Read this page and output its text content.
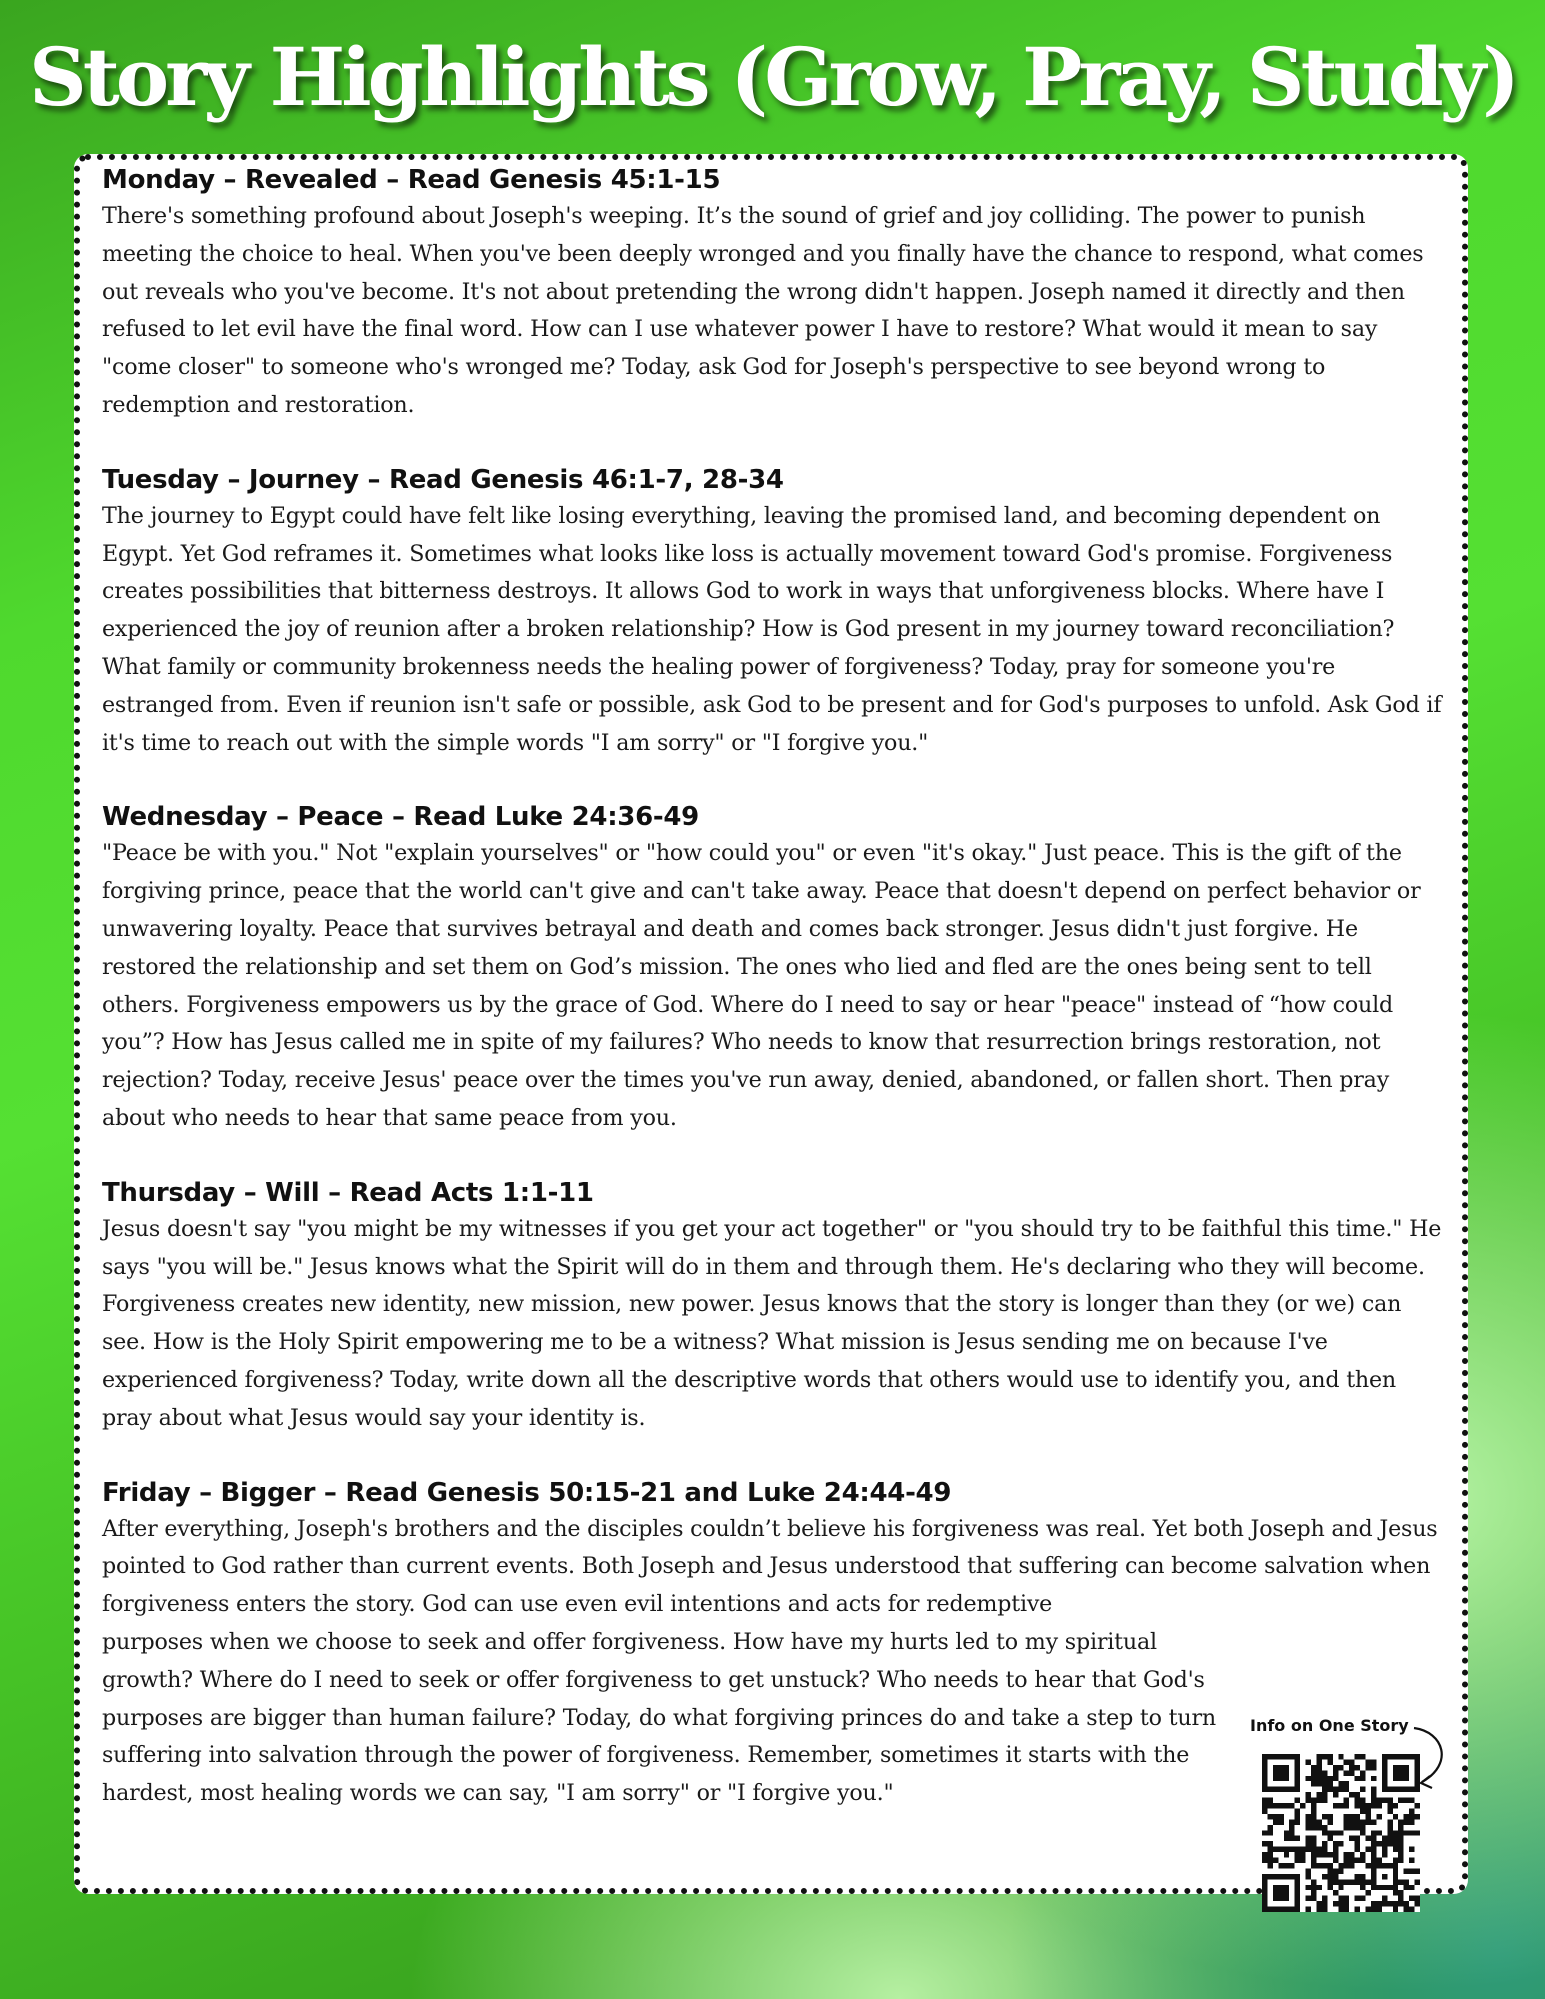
Story Highlights (Grow, Pray, Study)
Monday – Revealed – Read Genesis 45:1-15
There's something profound about Joseph's weeping. It’s the sound of grief and joy colliding. The power to punish meeting the choice to heal. When you've been deeply wronged and you finally have the chance to respond, what comes out reveals who you've become. It's not about pretending the wrong didn't happen. Joseph named it directly and then refused to let evil have the final word. How can I use whatever power I have to restore? What would it mean to say "come closer" to someone who's wronged me? Today, ask God for Joseph's perspective to see beyond wrong to redemption and restoration.
Tuesday – Journey – Read Genesis 46:1-7, 28-34
The journey to Egypt could have felt like losing everything, leaving the promised land, and becoming dependent on Egypt. Yet God reframes it. Sometimes what looks like loss is actually movement toward God's promise. Forgiveness creates possibilities that bitterness destroys. It allows God to work in ways that unforgiveness blocks. Where have I experienced the joy of reunion after a broken relationship? How is God present in my journey toward reconciliation? What family or community brokenness needs the healing power of forgiveness? Today, pray for someone you're estranged from. Even if reunion isn't safe or possible, ask God to be present and for God's purposes to unfold. Ask God if it's time to reach out with the simple words "I am sorry" or "I forgive you."
Wednesday – Peace – Read Luke 24:36-49
"Peace be with you." Not "explain yourselves" or "how could you" or even "it's okay." Just peace. This is the gift of the forgiving prince, peace that the world can't give and can't take away. Peace that doesn't depend on perfect behavior or unwavering loyalty. Peace that survives betrayal and death and comes back stronger. Jesus didn't just forgive. He restored the relationship and set them on God’s mission. The ones who lied and fled are the ones being sent to tell others. Forgiveness empowers us by the grace of God. Where do I need to say or hear "peace" instead of “how could you”? How has Jesus called me in spite of my failures? Who needs to know that resurrection brings restoration, not rejection? Today, receive Jesus' peace over the times you've run away, denied, abandoned, or fallen short. Then pray about who needs to hear that same peace from you.
Thursday – Will – Read Acts 1:1-11
Jesus doesn't say "you might be my witnesses if you get your act together" or "you should try to be faithful this time." He says "you will be." Jesus knows what the Spirit will do in them and through them. He's declaring who they will become. Forgiveness creates new identity, new mission, new power. Jesus knows that the story is longer than they (or we) can see. How is the Holy Spirit empowering me to be a witness? What mission is Jesus sending me on because I've experienced forgiveness? Today, write down all the descriptive words that others would use to identify you, and then pray about what Jesus would say your identity is.
Friday – Bigger – Read Genesis 50:15-21 and Luke 24:44-49
After everything, Joseph's brothers and the disciples couldn’t believe his forgiveness was real. Yet both Joseph and Jesus pointed to God rather than current events. Both Joseph and Jesus understood that suffering can become salvation when forgiveness enters the story. God can use even evil intentions and acts for redemptive
purposes when we choose to seek and offer forgiveness. How have my hurts led to my spiritual growth? Where do I need to seek or offer forgiveness to get unstuck? Who needs to hear that God's purposes are bigger than human failure? Today, do what forgiving princes do and take a step to turn suffering into salvation through the power of forgiveness. Remember, sometimes it starts with the hardest, most healing words we can say, "I am sorry" or "I forgive you."
Info on One Story
